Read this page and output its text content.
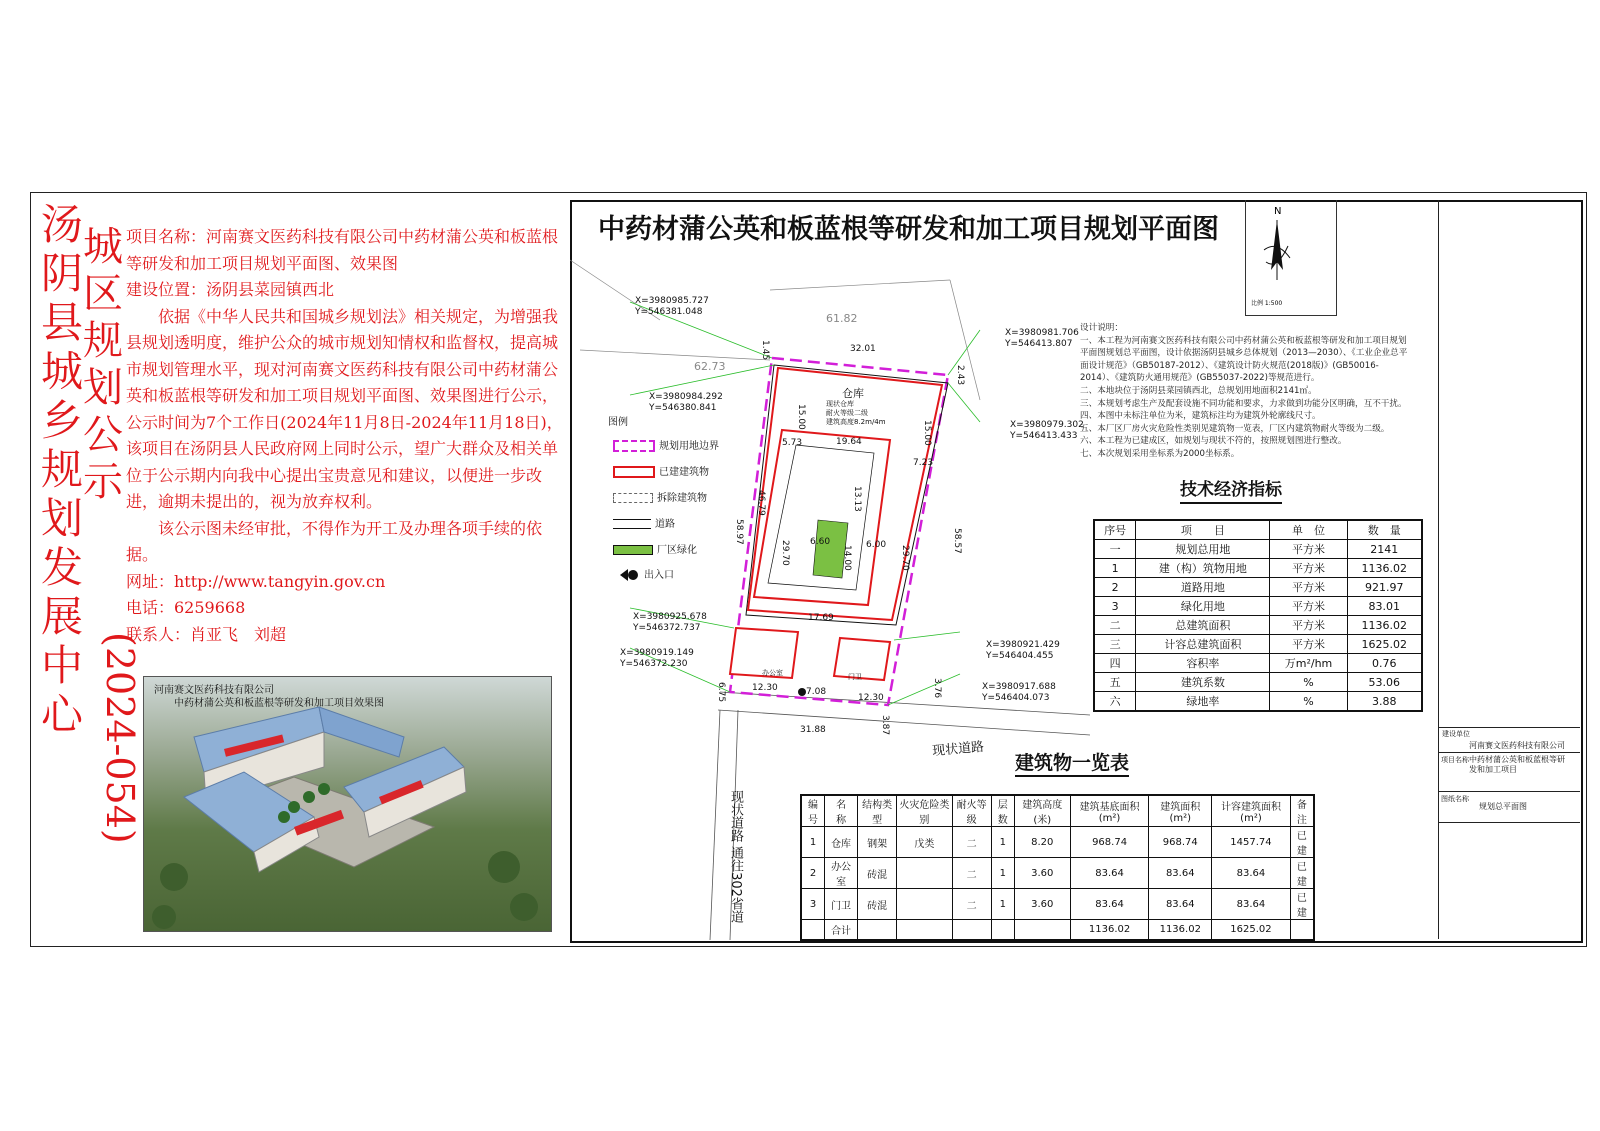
汤
阴
县
城
乡
规
划
发
展
中
心
城
区
规
划
公
示
(2024-054)

项目名称：河南赛文医药科技有限公司中药材蒲公英和板蓝根等研发和加工项目规划平面图、效果图

建设位置：汤阴县菜园镇西北

依据《中华人民共和国城乡规划法》相关规定，为增强我县规划透明度，维护公众的城市规划知情权和监督权，提高城市规划管理水平，现对河南赛文医药科技有限公司中药材蒲公英和板蓝根等研发和加工项目规划平面图、效果图进行公示，公示时间为7个工作日(2024年11月8日-2024年11月18日)，该项目在汤阴县人民政府网上同时公示，望广大群众及相关单位于公示期内向我中心提出宝贵意见和建议，以便进一步改进，逾期未提出的，视为放弃权利。

该公示图未经审批，不得作为开工及办理各项手续的依据。

网址：http://www.tangyin.gov.cn

电话：6259668

联系人：肖亚飞　刘超

河南赛文医药科技有限公司
中药材蒲公英和板蓝根等研发和加工项目效果图
中药材蒲公英和板蓝根等研发和加工项目规划平面图
N
比例 1:500
仓库
现状仓库
耐火等级二级
建筑高度8.2m/4m
办公室	门卫
32.01
61.82
62.73
31.88
12.30
12.30
7.08
19.64
17.69
5.73
7.23
6.60	6.00
58.97	58.57
46.79
29.70	29.70
14.00
13.13
15.00
15.00
1.45
2.43
3.87
3.76
6.75
X=3980985.727
Y=546381.048
X=3980981.706
Y=546413.807
X=3980984.292
Y=546380.841
X=3980979.302
Y=546413.433
X=3980925.678
Y=546372.737
X=3980921.429
Y=546404.455
X=3980919.149
Y=546372.230
X=3980917.688
Y=546404.073
现状道路
现状道路 通往302省道
图例
规划用地边界
已建建筑物
拆除建筑物
道路
厂区绿化
出入口

设计说明：

一、本工程为河南赛文医药科技有限公司中药材蒲公英和板蓝根等研发和加工项目规划平面图规划总平面图，设计依据汤阴县城乡总体规划（2013—2030）、《工业企业总平面设计规范》（GB50187-2012）、《建筑设计防火规范(2018版)》(GB50016-2014）、《建筑防火通用规范》(GB55037-2022)等规范进行。

二、本地块位于汤阴县菜园镇西北，总规划用地面积2141㎡。

三、本规划考虑生产及配套设施不同功能和要求，力求做到功能分区明确，互不干扰。

四、本图中未标注单位为米，建筑标注均为建筑外轮廓线尺寸。

五、本厂区厂房火灾危险性类别见建筑物一览表，厂区内建筑物耐火等级为二级。

六、本工程为已建成区，如规划与现状不符的，按照规划图进行整改。

七、本次规划采用坐标系为2000坐标系。

技术经济指标
序号	项　　目	单　位	数　量
一	规划总用地	平方米	2141
1	建（构）筑物用地	平方米	1136.02
2	道路用地	平方米	921.97
3	绿化用地	平方米	83.01
二	总建筑面积	平方米	1136.02
三	计容总建筑面积	平方米	1625.02
四	容积率	万m²/hm	0.76
五	建筑系数	%	53.06
六	绿地率	%	3.88
建筑物一览表
编号	名　称	结构类型	火灾危险类别	耐火等级	层数	建筑高度(米)	建筑基底面积(m²)	建筑面积(m²)	计容建筑面积(m²)	备注
1	仓库	钢架	戊类	二	1	8.20	968.74	968.74	1457.74	已建
2	办公室	砖混		二	1	3.60	83.64	83.64	83.64	已建
3	门卫	砖混		二	1	3.60	83.64	83.64	83.64	已建
	合计						1136.02	1136.02	1625.02	
建设单位
河南赛文医药科技有限公司
项目名称 中药材蒲公英和板蓝根等研发和加工项目
图纸名称
规划总平面图
